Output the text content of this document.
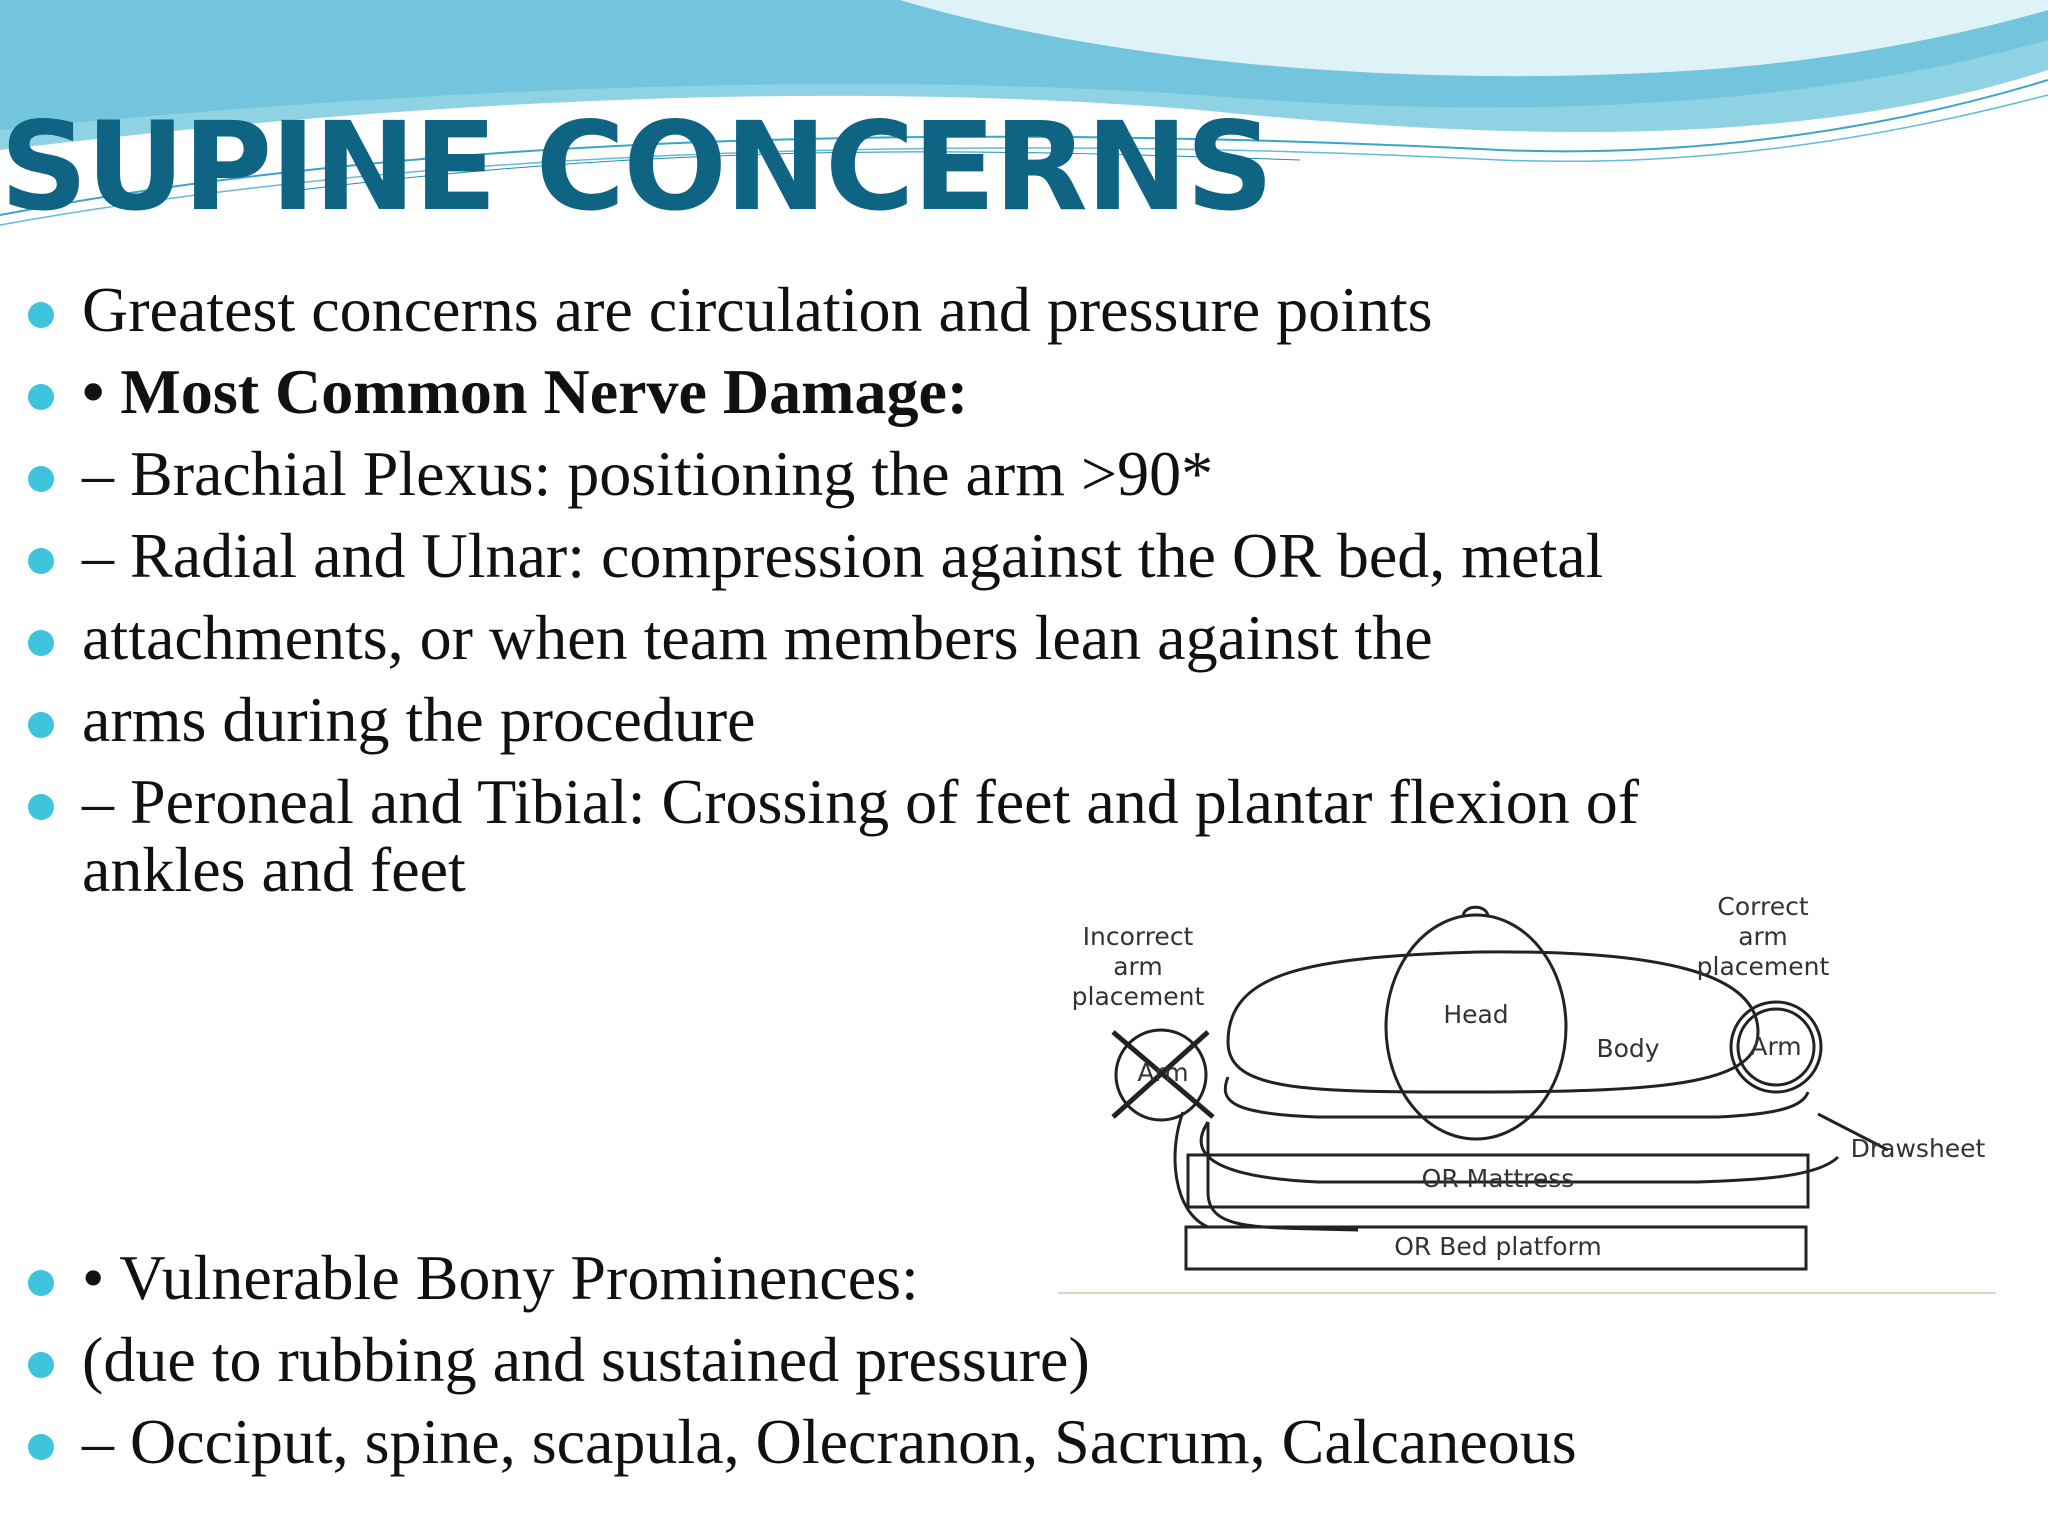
SUPINE CONCERNS
Greatest concerns are circulation and pressure points
• Most Common Nerve Damage:
– Brachial Plexus: positioning the arm >90*
– Radial and Ulnar: compression against the OR bed, metal
attachments, or when team members lean against the
arms during the procedure
– Peroneal and Tibial: Crossing of feet and plantar flexion of
• Vulnerable Bony Prominences:
(due to rubbing and sustained pressure)
– Occiput, spine, scapula, Olecranon, Sacrum, Calcaneous
ankles and feet
Incorrect
arm
placement
Correct
arm
placement
Head
Body
Arm
Arm
Drawsheet
OR Mattress
OR Bed platform
